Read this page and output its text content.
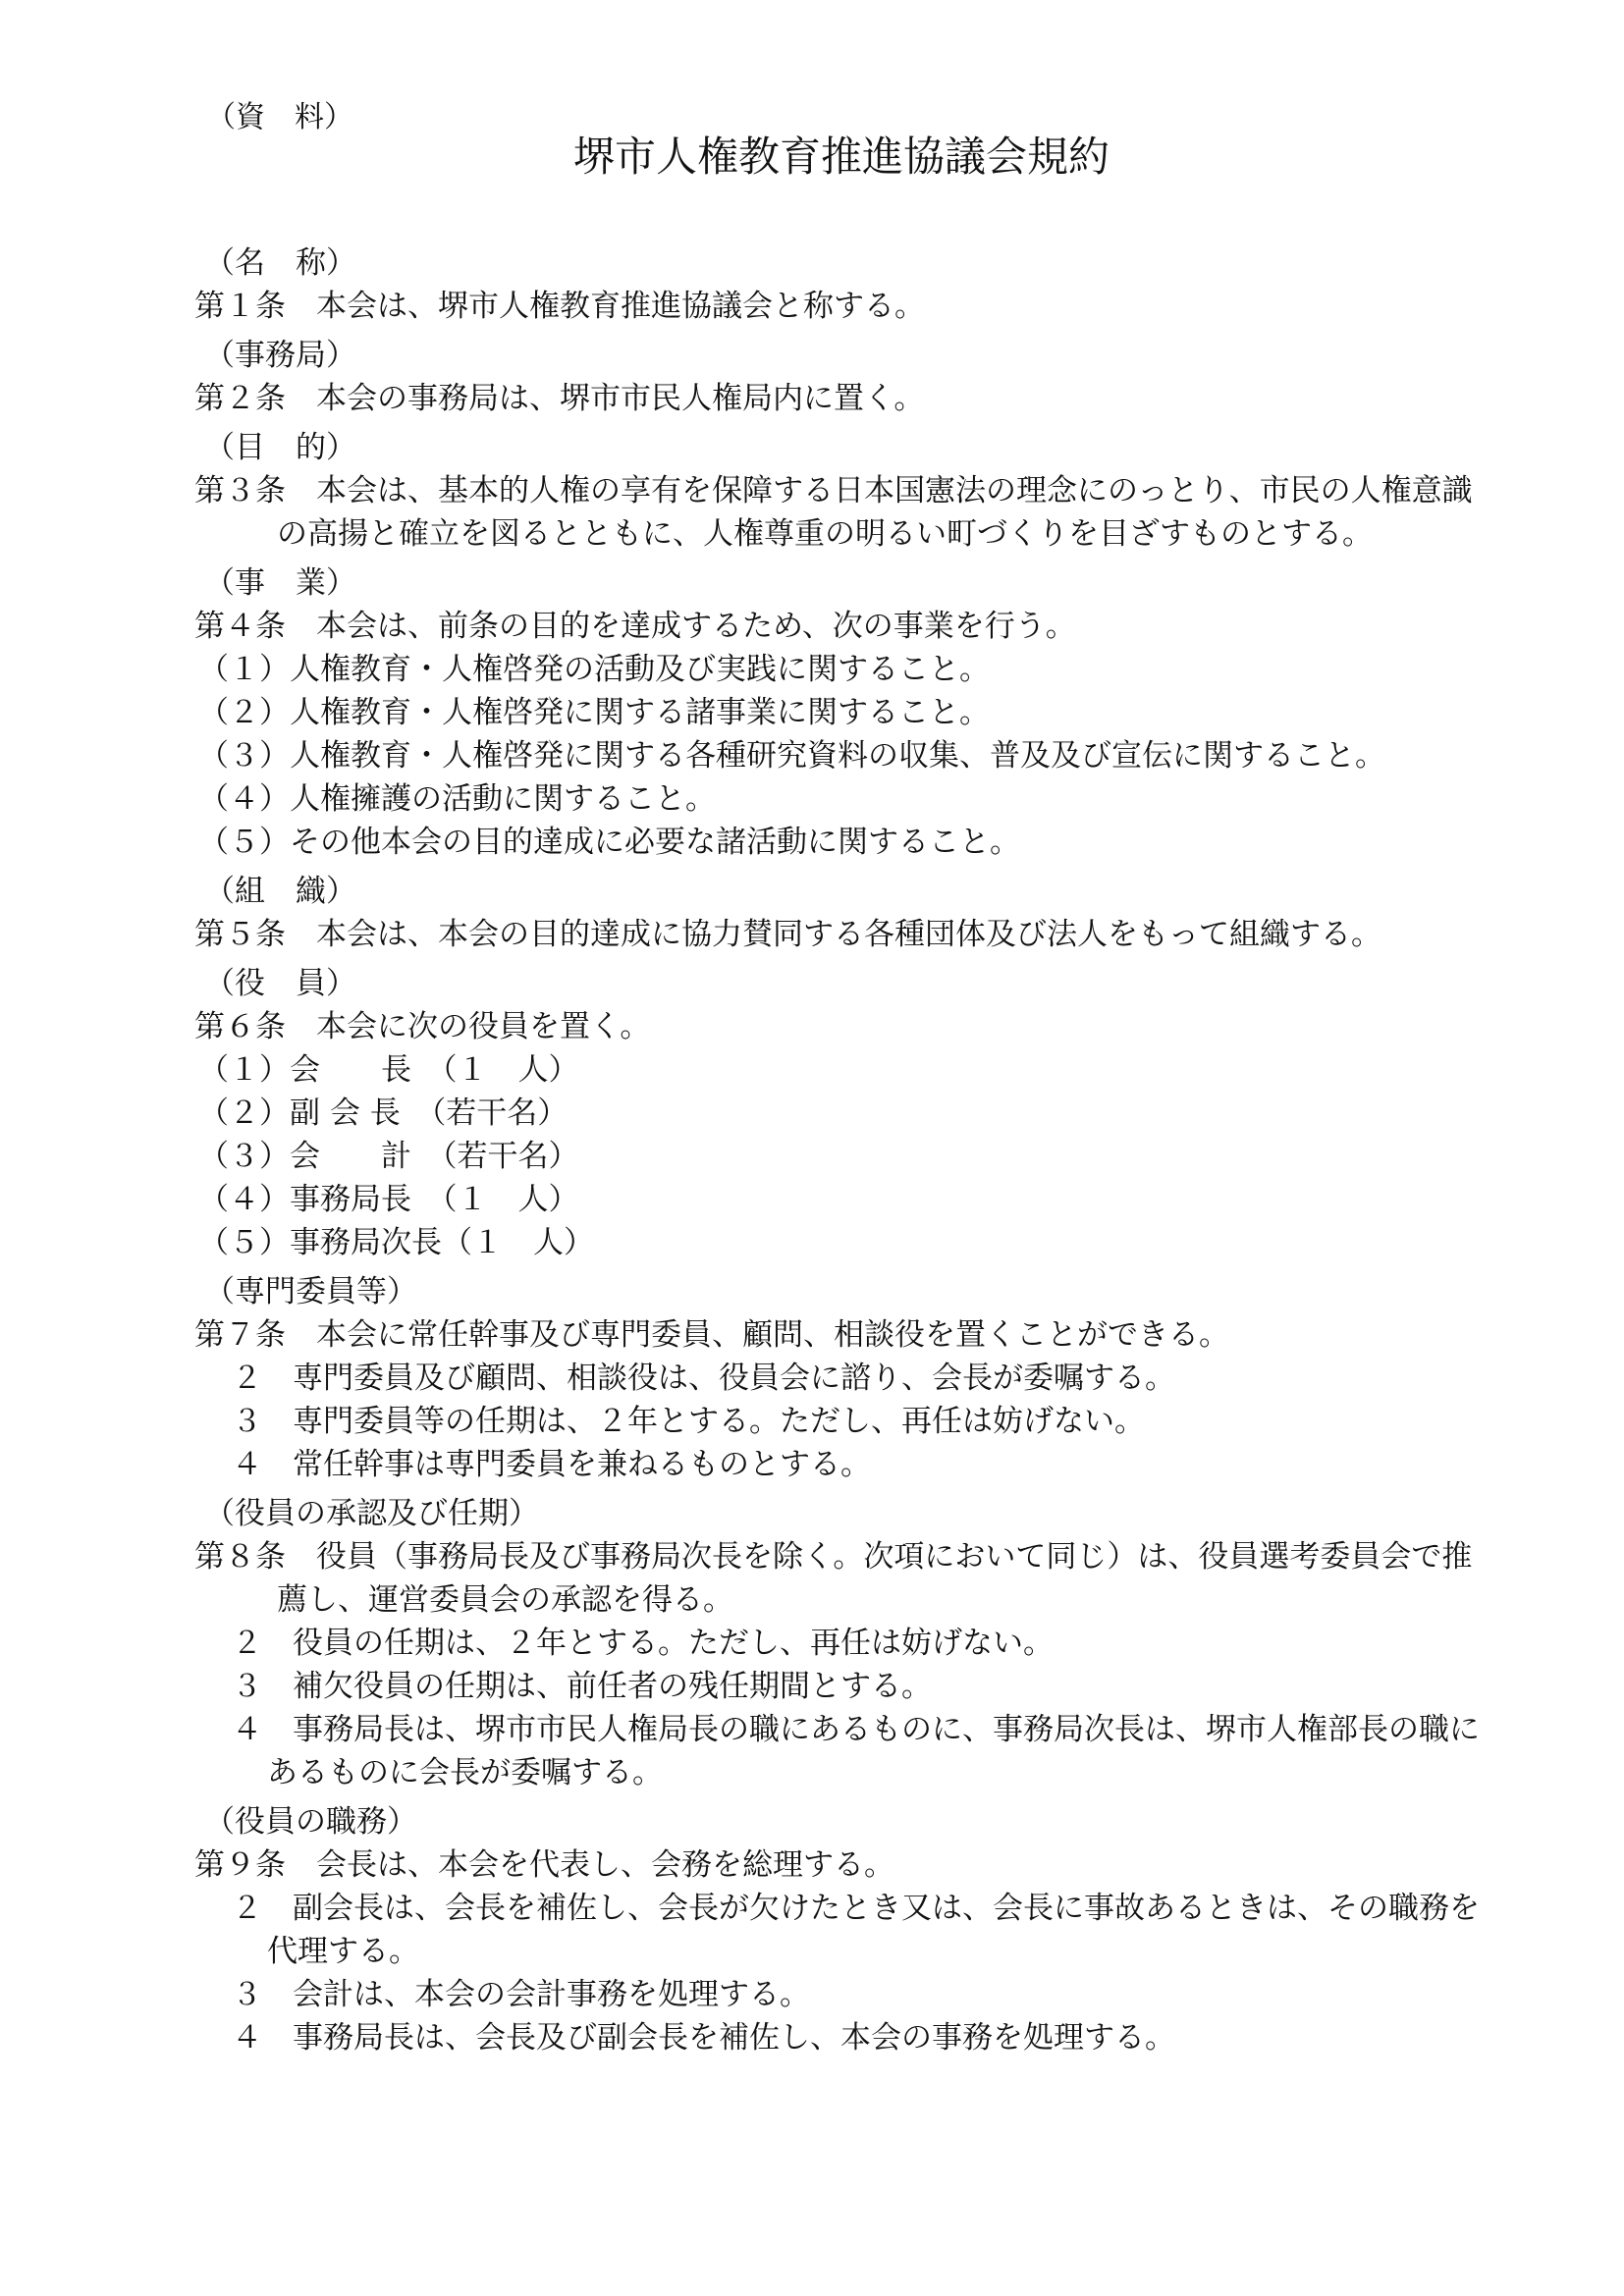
（資　料）
堺市人権教育推進協議会規約
（名　称）
第１条　本会は、堺市人権教育推進協議会と称する。
（事務局）
第２条　本会の事務局は、堺市市民人権局内に置く。
（目　的）
第３条　本会は、基本的人権の享有を保障する日本国憲法の理念にのっとり、市民の人権意識の高揚と確立を図るとともに、人権尊重の明るい町づくりを目ざすものとする。
（事　業）
第４条　本会は、前条の目的を達成するため、次の事業を行う。
（１）人権教育・人権啓発の活動及び実践に関すること。
（２）人権教育・人権啓発に関する諸事業に関すること。
（３）人権教育・人権啓発に関する各種研究資料の収集、普及及び宣伝に関すること。
（４）人権擁護の活動に関すること。
（５）その他本会の目的達成に必要な諸活動に関すること。
（組　織）
第５条　本会は、本会の目的達成に協力賛同する各種団体及び法人をもって組織する。
（役　員）
第６条　本会に次の役員を置く。
（１）会　　長　（１　人）
（２）副 会 長　（若干名）
（３）会　　計　（若干名）
（４）事務局長　（１　人）
（５）事務局次長（１　人）
（専門委員等）
第７条　本会に常任幹事及び専門委員、顧問、相談役を置くことができる。
２　専門委員及び顧問、相談役は、役員会に諮り、会長が委嘱する。
３　専門委員等の任期は、２年とする。ただし、再任は妨げない。
４　常任幹事は専門委員を兼ねるものとする。
（役員の承認及び任期）
第８条　役員（事務局長及び事務局次長を除く。次項において同じ）は、役員選考委員会で推薦し、運営委員会の承認を得る。
２　役員の任期は、２年とする。ただし、再任は妨げない。
３　補欠役員の任期は、前任者の残任期間とする。
４　事務局長は、堺市市民人権局長の職にあるものに、事務局次長は、堺市人権部長の職にあるものに会長が委嘱する。
（役員の職務）
第９条　会長は、本会を代表し、会務を総理する。
２　副会長は、会長を補佐し、会長が欠けたとき又は、会長に事故あるときは、その職務を代理する。
３　会計は、本会の会計事務を処理する。
４　事務局長は、会長及び副会長を補佐し、本会の事務を処理する。
